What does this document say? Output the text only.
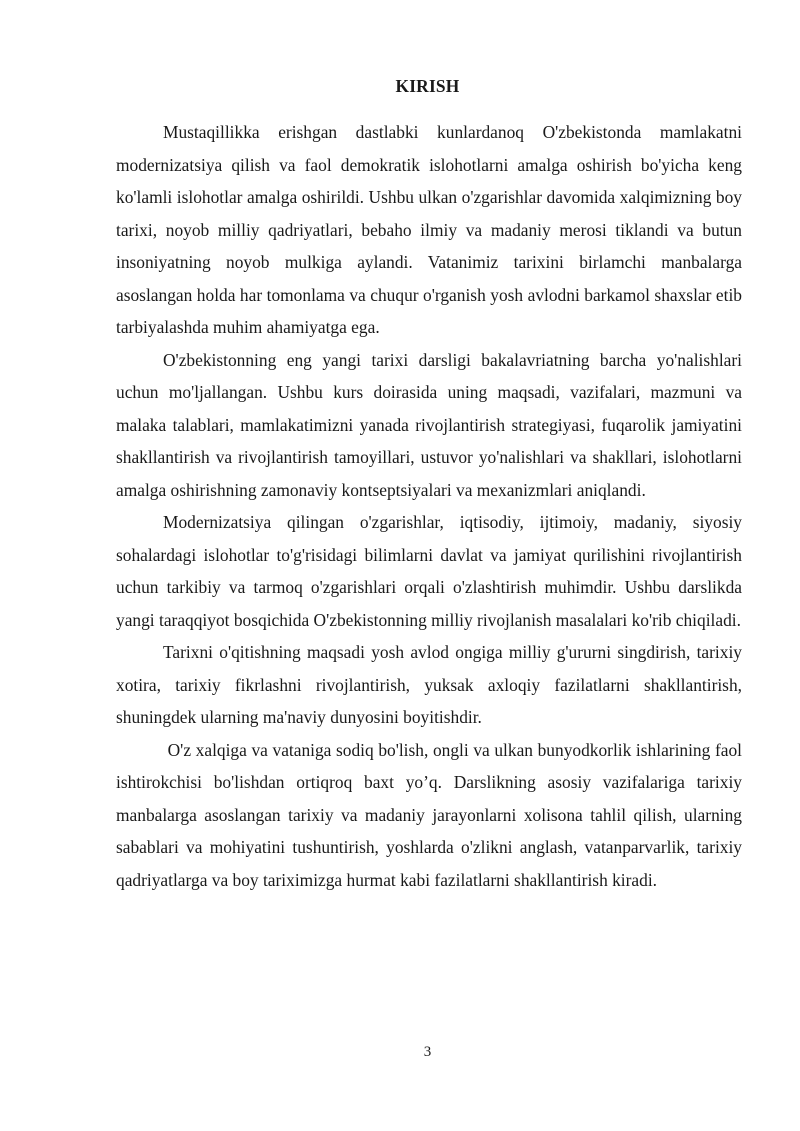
KIRISH

Mustaqillikka erishgan dastlabki kunlardanoq O'zbekistonda mamlakatni modernizatsiya qilish va faol demokratik islohotlarni amalga oshirish bo'yicha keng ko'lamli islohotlar amalga oshirildi. Ushbu ulkan o'zgarishlar davomida xalqimizning boy tarixi, noyob milliy qadriyatlari, bebaho ilmiy va madaniy merosi tiklandi va butun insoniyatning noyob mulkiga aylandi. Vatanimiz tarixini birlamchi manbalarga asoslangan holda har tomonlama va chuqur o'rganish yosh avlodni barkamol shaxslar etib tarbiyalashda muhim ahamiyatga ega.

O'zbekistonning eng yangi tarixi darsligi bakalavriatning barcha yo'nalishlari uchun mo'ljallangan. Ushbu kurs doirasida uning maqsadi, vazifalari, mazmuni va malaka talablari, mamlakatimizni yanada rivojlantirish strategiyasi, fuqarolik jamiyatini shakllantirish va rivojlantirish tamoyillari, ustuvor yo'nalishlari va shakllari, islohotlarni amalga oshirishning zamonaviy kontseptsiyalari va mexanizmlari aniqlandi.

Modernizatsiya qilingan o'zgarishlar, iqtisodiy, ijtimoiy, madaniy, siyosiy sohalardagi islohotlar to'g'risidagi bilimlarni davlat va jamiyat qurilishini rivojlantirish uchun tarkibiy va tarmoq o'zgarishlari orqali o'zlashtirish muhimdir. Ushbu darslikda yangi taraqqiyot bosqichida O'zbekistonning milliy rivojlanish masalalari ko'rib chiqiladi.

Tarixni o'qitishning maqsadi yosh avlod ongiga milliy g'ururni singdirish, tarixiy xotira, tarixiy fikrlashni rivojlantirish, yuksak axloqiy fazilatlarni shakllantirish, shuningdek ularning ma'naviy dunyosini boyitishdir.

O'z xalqiga va vataniga sodiq bo'lish, ongli va ulkan bunyodkorlik ishlarining faol ishtirokchisi bo'lishdan ortiqroq baxt yo’q. Darslikning asosiy vazifalariga tarixiy manbalarga asoslangan tarixiy va madaniy jarayonlarni xolisona tahlil qilish, ularning sabablari va mohiyatini tushuntirish, yoshlarda o'zlikni anglash, vatanparvarlik, tarixiy qadriyatlarga va boy tariximizga hurmat kabi fazilatlarni shakllantirish kiradi.

3
